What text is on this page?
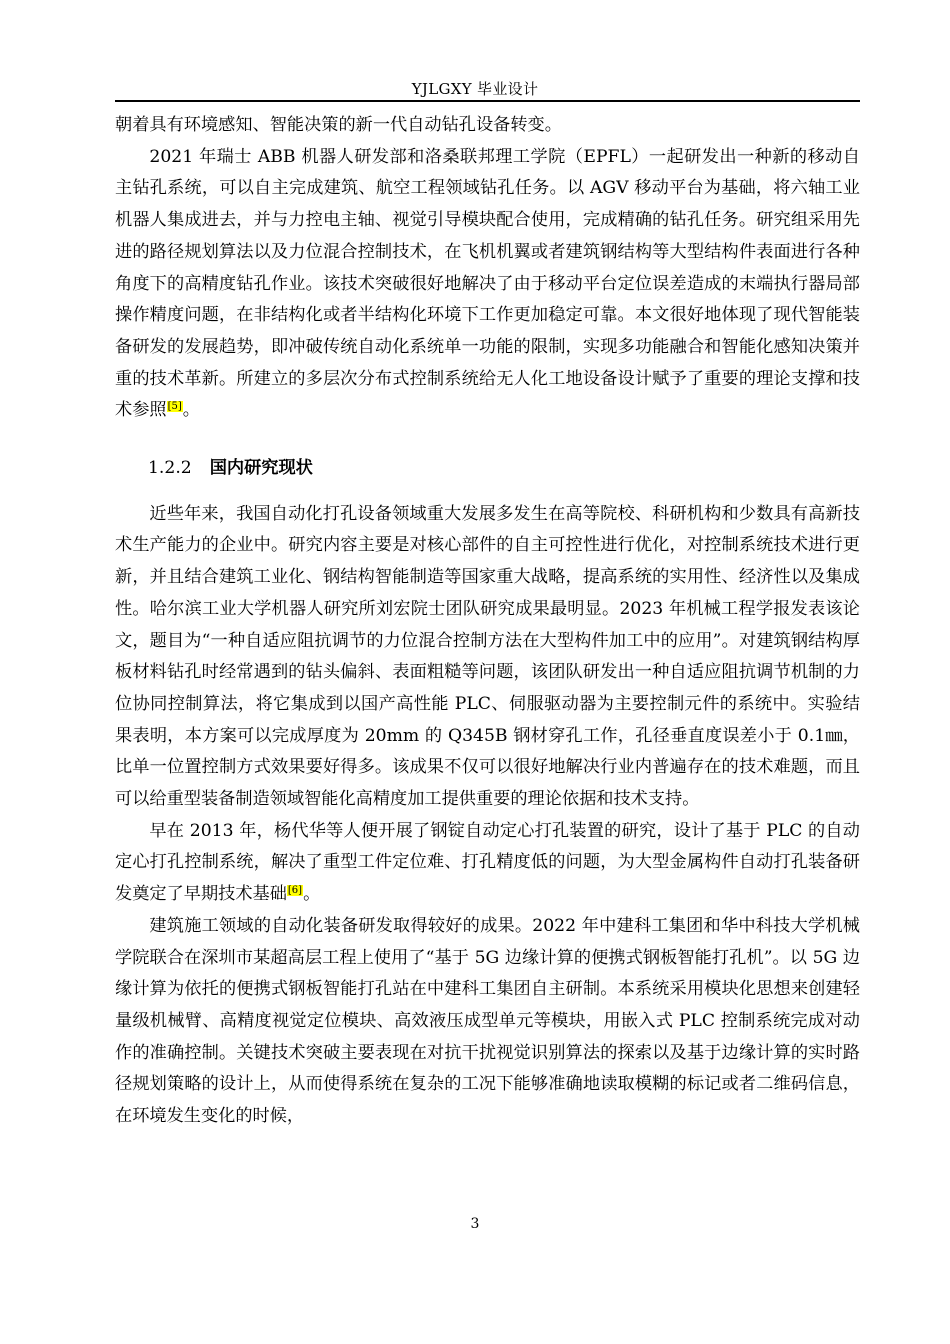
YJLGXY 毕业设计

朝着具有环境感知、智能决策的新一代自动钻孔设备转变。

2021 年瑞士 ABB 机器人研发部和洛桑联邦理工学院（EPFL）一起研发出一种新的移动自主钻孔系统，可以自主完成建筑、航空工程领域钻孔任务。以 AGV 移动平台为基础，将六轴工业机器人集成进去，并与力控电主轴、视觉引导模块配合使用，完成精确的钻孔任务。研究组采用先进的路径规划算法以及力位混合控制技术，在飞机机翼或者建筑钢结构等大型结构件表面进行各种角度下的高精度钻孔作业。该技术突破很好地解决了由于移动平台定位误差造成的末端执行器局部操作精度问题，在非结构化或者半结构化环境下工作更加稳定可靠。本文很好地体现了现代智能装备研发的发展趋势，即冲破传统自动化系统单一功能的限制，实现多功能融合和智能化感知决策并重的技术革新。所建立的多层次分布式控制系统给无人化工地设备设计赋予了重要的理论支撑和技术参照[5]。

1.2.2 国内研究现状

近些年来，我国自动化打孔设备领域重大发展多发生在高等院校、科研机构和少数具有高新技术生产能力的企业中。研究内容主要是对核心部件的自主可控性进行优化，对控制系统技术进行更新，并且结合建筑工业化、钢结构智能制造等国家重大战略，提高系统的实用性、经济性以及集成性。哈尔滨工业大学机器人研究所刘宏院士团队研究成果最明显。2023 年机械工程学报发表该论文，题目为“一种自适应阻抗调节的力位混合控制方法在大型构件加工中的应用”。对建筑钢结构厚板材料钻孔时经常遇到的钻头偏斜、表面粗糙等问题，该团队研发出一种自适应阻抗调节机制的力位协同控制算法，将它集成到以国产高性能 PLC、伺服驱动器为主要控制元件的系统中。实验结果表明，本方案可以完成厚度为 20mm 的 Q345B 钢材穿孔工作，孔径垂直度误差小于 0.1㎜，比单一位置控制方式效果要好得多。该成果不仅可以很好地解决行业内普遍存在的技术难题，而且可以给重型装备制造领域智能化高精度加工提供重要的理论依据和技术支持。

早在 2013 年，杨代华等人便开展了钢锭自动定心打孔装置的研究，设计了基于 PLC 的自动定心打孔控制系统，解决了重型工件定位难、打孔精度低的问题，为大型金属构件自动打孔装备研发奠定了早期技术基础[6]。

建筑施工领域的自动化装备研发取得较好的成果。2022 年中建科工集团和华中科技大学机械学院联合在深圳市某超高层工程上使用了“基于 5G 边缘计算的便携式钢板智能打孔机”。以 5G 边缘计算为依托的便携式钢板智能打孔站在中建科工集团自主研制。本系统采用模块化思想来创建轻量级机械臂、高精度视觉定位模块、高效液压成型单元等模块，用嵌入式 PLC 控制系统完成对动作的准确控制。关键技术突破主要表现在对抗干扰视觉识别算法的探索以及基于边缘计算的实时路径规划策略的设计上，从而使得系统在复杂的工况下能够准确地读取模糊的标记或者二维码信息，在环境发生变化的时候，

3
